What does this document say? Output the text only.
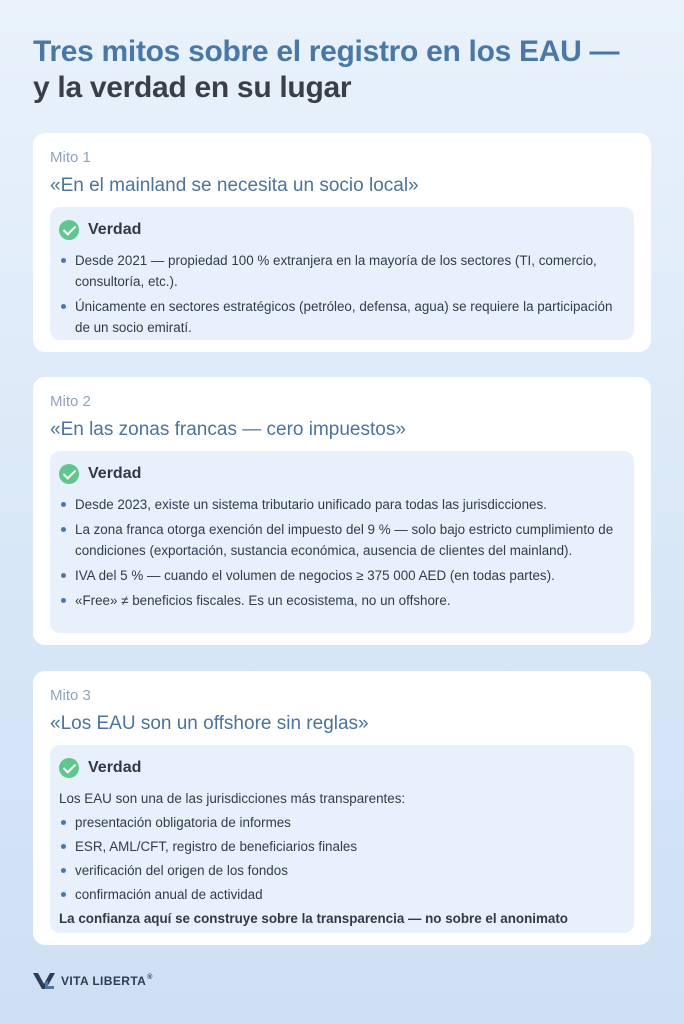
Tres mitos sobre el registro en los EAU —
y la verdad en su lugar
Mito 1
«En el mainland se necesita un socio local»
Verdad
Desde 2021 — propiedad 100 % extranjera en la mayoría de los sectores (TI, comercio, consultoría, etc.).
Únicamente en sectores estratégicos (petróleo, defensa, agua) se requiere la participación de un socio emiratí.
Mito 2
«En las zonas francas — cero impuestos»
Verdad
Desde 2023, existe un sistema tributario unificado para todas las jurisdicciones.
La zona franca otorga exención del impuesto del 9 % — solo bajo estricto cumplimiento de condiciones (exportación, sustancia económica, ausencia de clientes del mainland).
IVA del 5 % — cuando el volumen de negocios ≥ 375 000 AED (en todas partes).
«Free» ≠ beneficios fiscales. Es un ecosistema, no un offshore.
Mito 3
«Los EAU son un offshore sin reglas»
Verdad
Los EAU son una de las jurisdicciones más transparentes:
presentación obligatoria de informes
ESR, AML/CFT, registro de beneficiarios finales
verificación del origen de los fondos
confirmación anual de actividad
La confianza aquí se construye sobre la transparencia — no sobre el anonimato
VITA LIBERTA®
